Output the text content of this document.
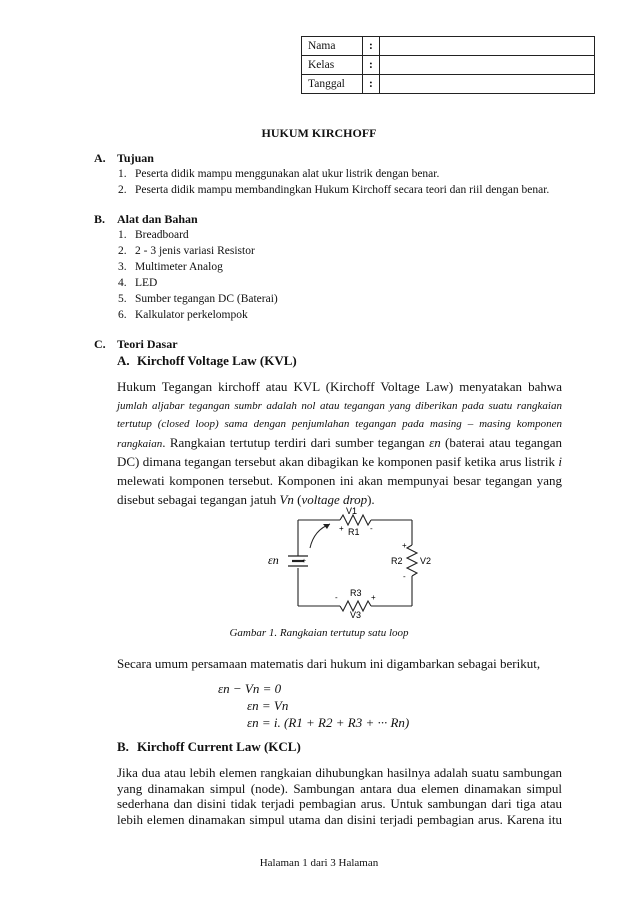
Nama	:	
Kelas	:	
Tanggal	:	
HUKUM KIRCHOFF
A. Tujuan
1. Peserta didik mampu menggunakan alat ukur listrik dengan benar.
2. Peserta didik mampu membandingkan Hukum Kirchoff secara teori dan riil dengan benar.
B. Alat dan Bahan
1. Breadboard
2. 2 - 3 jenis variasi Resistor
3. Multimeter Analog
4. LED
5. Sumber tegangan DC (Baterai)
6. Kalkulator perkelompok
C. Teori Dasar
A. Kirchoff Voltage Law (KVL)
Hukum Tegangan kirchoff atau KVL (Kirchoff Voltage Law) menyatakan bahwa
jumlah aljabar tegangan sumbr adalah nol atau tegangan yang diberikan pada suatu rangkaian
tertutup (closed loop) sama dengan penjumlahan tegangan pada masing – masing komponen
rangkaian. Rangkaian tertutup terdiri dari sumber tegangan εn (baterai atau tegangan
DC) dimana tegangan tersebut akan dibagikan ke komponen pasif ketika arus listrik i
melewati komponen tersebut. Komponen ini akan mempunyai besar tegangan yang
disebut sebagai tegangan jatuh Vn (voltage drop).
V1
R1
+	-
R2 V2
+
-
R3
V3
-	+
+
εn
Gambar 1. Rangkaian tertutup satu loop
Secara umum persamaan matematis dari hukum ini digambarkan sebagai berikut,
εn − Vn = 0
εn = Vn
εn = i. (R1 + R2 + R3 + ··· Rn)
B. Kirchoff Current Law (KCL)
Jika dua atau lebih elemen rangkaian dihubungkan hasilnya adalah suatu sambungan
yang dinamakan simpul (node). Sambungan antara dua elemen dinamakan simpul
sederhana dan disini tidak terjadi pembagian arus. Untuk sambungan dari tiga atau
lebih elemen dinamakan simpul utama dan disini terjadi pembagian arus. Karena itu
Halaman 1 dari 3 Halaman
